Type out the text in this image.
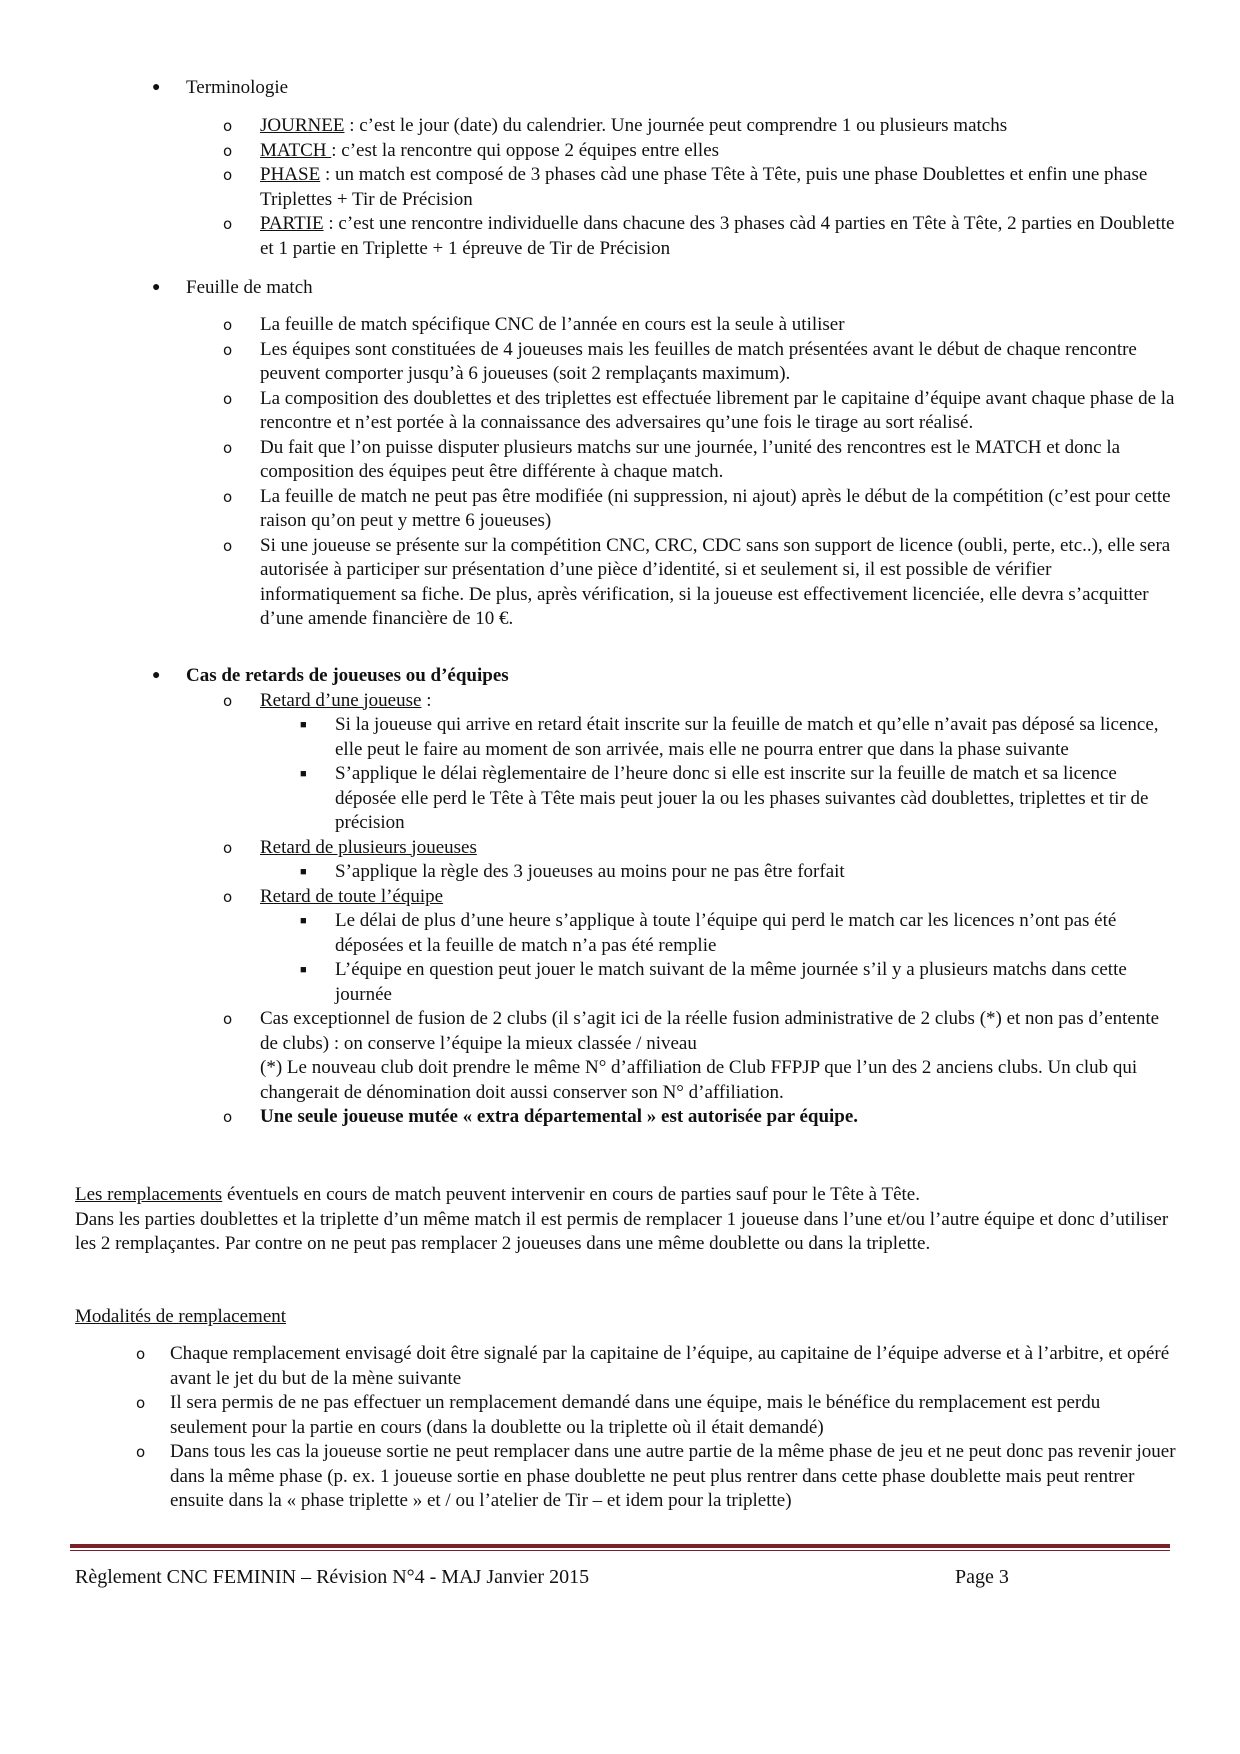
● Terminologie

o JOURNEE : c’est le jour (date) du calendrier. Une journée peut comprendre 1 ou plusieurs matchs
o MATCH : c’est la rencontre qui oppose 2 équipes entre elles
o PHASE : un match est composé de 3 phases càd une phase Tête à Tête, puis une phase Doublettes et enfin une phase Triplettes + Tir de Précision
o PARTIE : c’est une rencontre individuelle dans chacune des 3 phases càd 4 parties en Tête à Tête, 2 parties en Doublette et 1 partie en Triplette + 1 épreuve de Tir de Précision

● Feuille de match

o La feuille de match spécifique CNC de l’année en cours est la seule à utiliser
o Les équipes sont constituées de 4 joueuses mais les feuilles de match présentées avant le début de chaque rencontre peuvent comporter jusqu’à 6 joueuses (soit 2 remplaçants maximum).
o La composition des doublettes et des triplettes est effectuée librement par le capitaine d’équipe avant chaque phase de la rencontre et n’est portée à la connaissance des adversaires qu’une fois le tirage au sort réalisé.
o Du fait que l’on puisse disputer plusieurs matchs sur une journée, l’unité des rencontres est le MATCH et donc la composition des équipes peut être différente à chaque match.
o La feuille de match ne peut pas être modifiée (ni suppression, ni ajout) après le début de la compétition (c’est pour cette raison qu’on peut y mettre 6 joueuses)
o Si une joueuse se présente sur la compétition CNC, CRC, CDC sans son support de licence (oubli, perte, etc..), elle sera autorisée à participer sur présentation d’une pièce d’identité, si et seulement si, il est possible de vérifier informatiquement sa fiche. De plus, après vérification, si la joueuse est effectivement licenciée, elle devra s’acquitter d’une amende financière de 10 €.

● Cas de retards de joueuses ou d’équipes

o Retard d’une joueuse :
■ Si la joueuse qui arrive en retard était inscrite sur la feuille de match et qu’elle n’avait pas déposé sa licence, elle peut le faire au moment de son arrivée, mais elle ne pourra entrer que dans la phase suivante
■ S’applique le délai règlementaire de l’heure donc si elle est inscrite sur la feuille de match et sa licence déposée elle perd le Tête à Tête mais peut jouer la ou les phases suivantes càd doublettes, triplettes et tir de précision
o Retard de plusieurs joueuses
■ S’applique la règle des 3 joueuses au moins pour ne pas être forfait
o Retard de toute l’équipe
■ Le délai de plus d’une heure s’applique à toute l’équipe qui perd le match car les licences n’ont pas été déposées et la feuille de match n’a pas été remplie
■ L’équipe en question peut jouer le match suivant de la même journée s’il y a plusieurs matchs dans cette journée
o Cas exceptionnel de fusion de 2 clubs (il s’agit ici de la réelle fusion administrative de 2 clubs (*) et non pas d’entente de clubs) : on conserve l’équipe la mieux classée / niveau
(*) Le nouveau club doit prendre le même N° d’affiliation de Club FFPJP que l’un des 2 anciens clubs. Un club qui changerait de dénomination doit aussi conserver son N° d’affiliation.
o Une seule joueuse mutée « extra départemental » est autorisée par équipe.

Les remplacements éventuels en cours de match peuvent intervenir en cours de parties sauf pour le Tête à Tête.
Dans les parties doublettes et la triplette d’un même match il est permis de remplacer 1 joueuse dans l’une et/ou l’autre équipe et donc d’utiliser les 2 remplaçantes. Par contre on ne peut pas remplacer 2 joueuses dans une même doublette ou dans la triplette.

Modalités de remplacement

o Chaque remplacement envisagé doit être signalé par la capitaine de l’équipe, au capitaine de l’équipe adverse et à l’arbitre, et opéré avant le jet du but de la mène suivante
o Il sera permis de ne pas effectuer un remplacement demandé dans une équipe, mais le bénéfice du remplacement est perdu seulement pour la partie en cours (dans la doublette ou la triplette où il était demandé)
o Dans tous les cas la joueuse sortie ne peut remplacer dans une autre partie de la même phase de jeu et ne peut donc pas revenir jouer dans la même phase (p. ex. 1 joueuse sortie en phase doublette ne peut plus rentrer dans cette phase doublette mais peut rentrer ensuite dans la « phase triplette » et / ou l’atelier de Tir – et idem pour la triplette)
Règlement CNC FEMININ – Révision N°4 - MAJ Janvier 2015	Page 3
